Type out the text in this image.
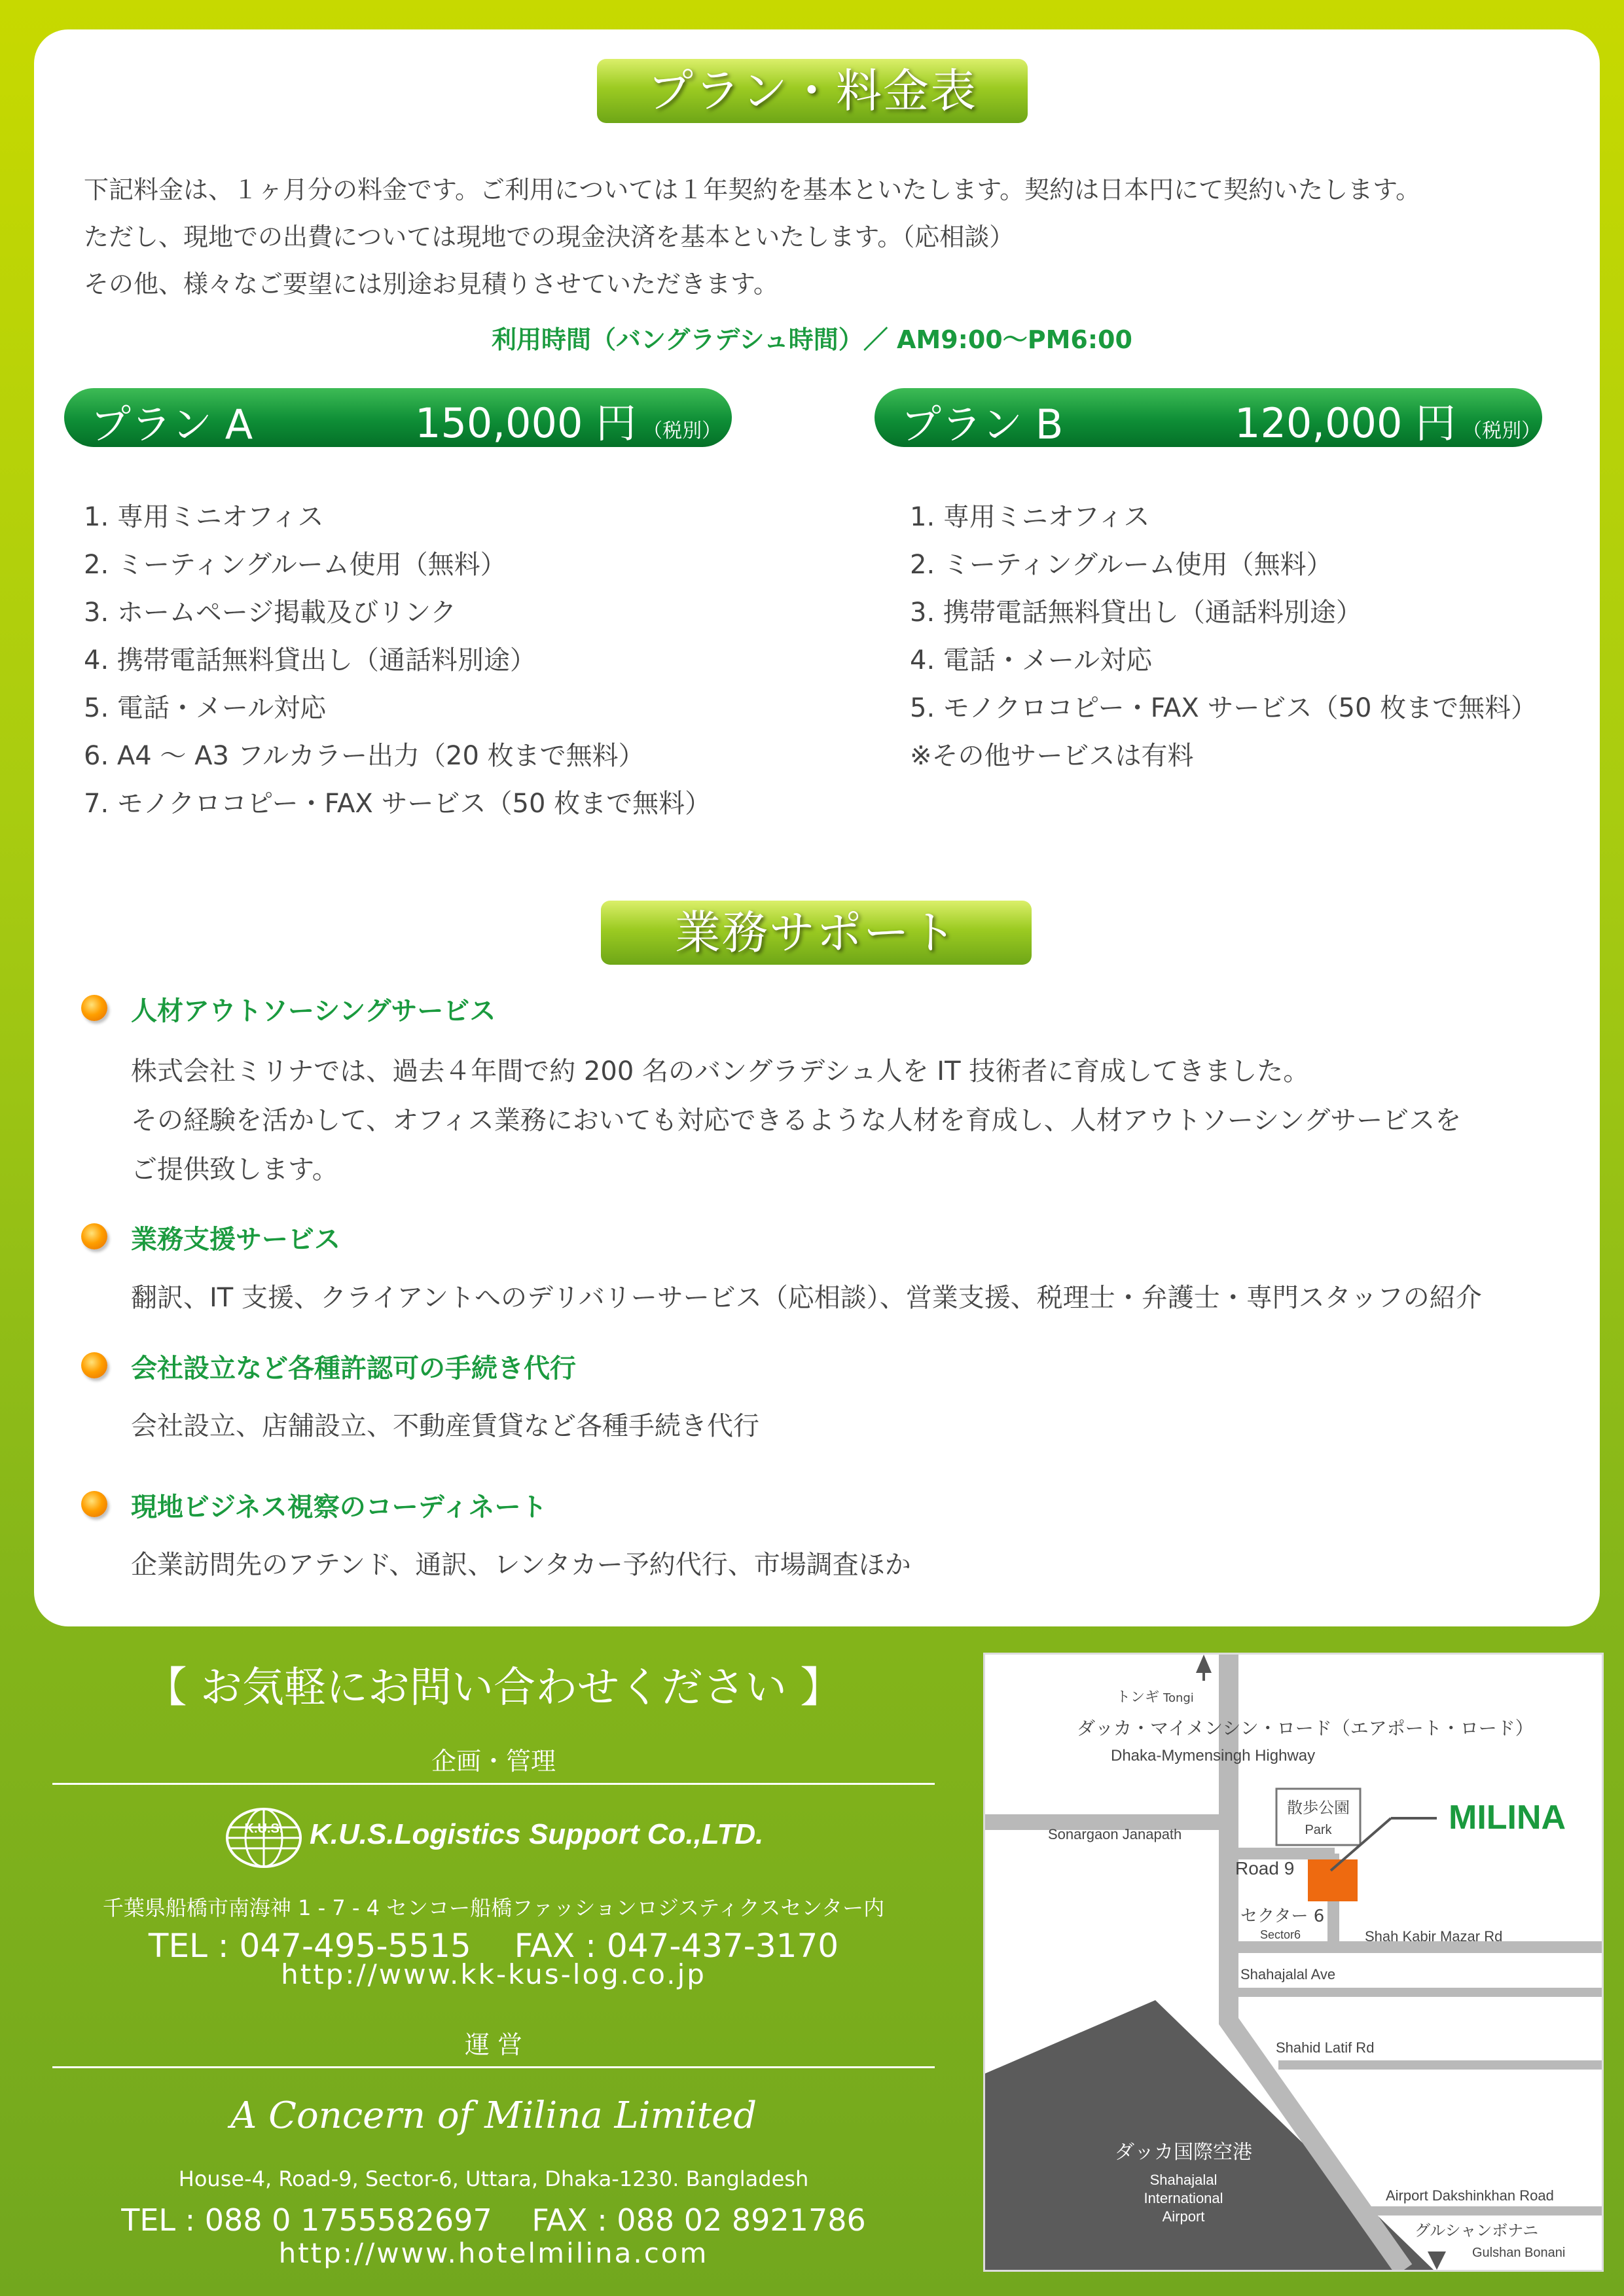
プラン・料金表
下記料金は、１ヶ月分の料金です。ご利用については１年契約を基本といたします。契約は日本円にて契約いたします。
ただし、現地での出費については現地での現金決済を基本といたします。（応相談）
その他、様々なご要望には別途お見積りさせていただきます。
利用時間（バングラデシュ時間）／ AM9:00〜PM6:00
プラン A	150,000 円 （税別）	プラン B	120,000 円 （税別）
1. 専用ミニオフィス
2. ミーティングルーム使用（無料）
3. ホームページ掲載及びリンク
4. 携帯電話無料貸出し（通話料別途）
5. 電話・メール対応
6. A4 〜 A3 フルカラー出力（20 枚まで無料）
7. モノクロコピー・FAX サービス（50 枚まで無料）
1. 専用ミニオフィス
2. ミーティングルーム使用（無料）
3. 携帯電話無料貸出し（通話料別途）
4. 電話・メール対応
5. モノクロコピー・FAX サービス（50 枚まで無料）
※その他サービスは有料
業務サポート
人材アウトソーシングサービス
株式会社ミリナでは、過去４年間で約 200 名のバングラデシュ人を IT 技術者に育成してきました。
その経験を活かして、オフィス業務においても対応できるような人材を育成し、人材アウトソーシングサービスを
ご提供致します。
業務支援サービス
翻訳、IT 支援、クライアントへのデリバリーサービス（応相談）、営業支援、税理士・弁護士・専門スタッフの紹介
会社設立など各種許認可の手続き代行
会社設立、店舗設立、不動産賃貸など各種手続き代行
現地ビジネス視察のコーディネート
企業訪問先のアテンド、通訳、レンタカー予約代行、市場調査ほか
【 お気軽にお問い合わせください 】
企画・管理
K.U.S. K.U.S.Logistics Support Co.,LTD.
千葉県船橋市南海神 1 - 7 - 4 センコー船橋ファッションロジスティクスセンター内
TEL : 047-495-5515　 FAX : 047-437-3170
http://www.kk-kus-log.co.jp
運 営
A Concern of Milina Limited
House-4, Road-9, Sector-6, Uttara, Dhaka-1230. Bangladesh
TEL : 088 0 1755582697　 FAX : 088 02 8921786
http://www.hotelmilina.com
トンギ Tongi
ダッカ・マイメンシン・ロード（エアポート・ロード）
Dhaka-Mymensingh Highway
散歩公園
Park	MILINA
Sonargaon Janapath
Road 9
セクター 6
Sector6	Shah Kabir Mazar Rd
Shahajalal Ave
Shahid Latif Rd
ダッカ国際空港
Shahajalal
International
Airport
Airport Dakshinkhan Road
グルシャンボナニ
Gulshan Bonani
